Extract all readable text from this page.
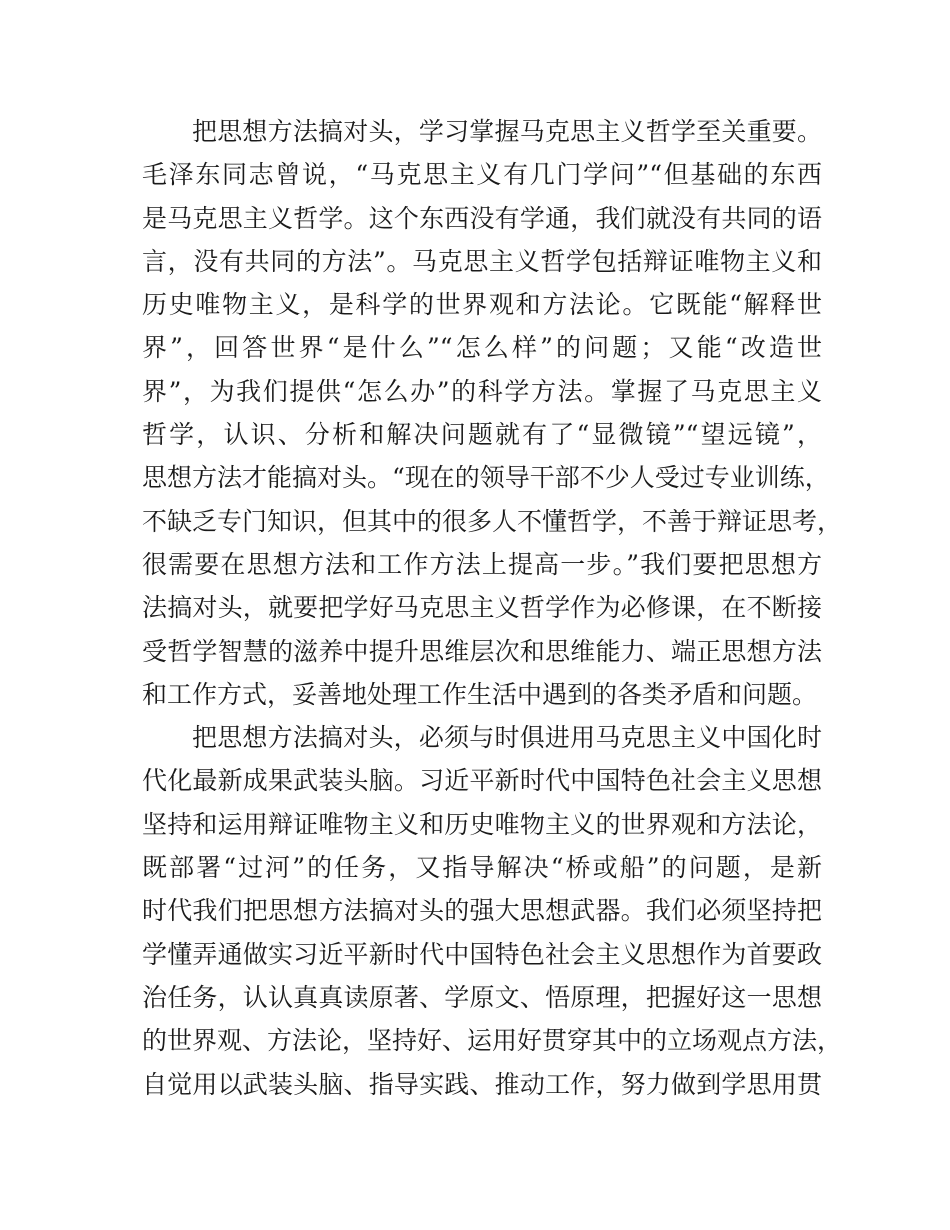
把思想方法搞对头，学习掌握马克思主义哲学至关重要。
毛泽东同志曾说，“马克思主义有几门学问”“但基础的东西
是马克思主义哲学。这个东西没有学通，我们就没有共同的语
言，没有共同的方法”。马克思主义哲学包括辩证唯物主义和
历史唯物主义，是科学的世界观和方法论。它既能“解释世
界”，回答世界“是什么”“怎么样”的问题；又能“改造世
界”，为我们提供“怎么办”的科学方法。掌握了马克思主义
哲学，认识、分析和解决问题就有了“显微镜”“望远镜”，
思想方法才能搞对头。“现在的领导干部不少人受过专业训练，
不缺乏专门知识，但其中的很多人不懂哲学，不善于辩证思考，
很需要在思想方法和工作方法上提高一步。”我们要把思想方
法搞对头，就要把学好马克思主义哲学作为必修课，在不断接
受哲学智慧的滋养中提升思维层次和思维能力、端正思想方法
和工作方式，妥善地处理工作生活中遇到的各类矛盾和问题。
把思想方法搞对头，必须与时俱进用马克思主义中国化时
代化最新成果武装头脑。习近平新时代中国特色社会主义思想
坚持和运用辩证唯物主义和历史唯物主义的世界观和方法论，
既部署“过河”的任务，又指导解决“桥或船”的问题，是新
时代我们把思想方法搞对头的强大思想武器。我们必须坚持把
学懂弄通做实习近平新时代中国特色社会主义思想作为首要政
治任务，认认真真读原著、学原文、悟原理，把握好这一思想
的世界观、方法论，坚持好、运用好贯穿其中的立场观点方法，
自觉用以武装头脑、指导实践、推动工作，努力做到学思用贯
